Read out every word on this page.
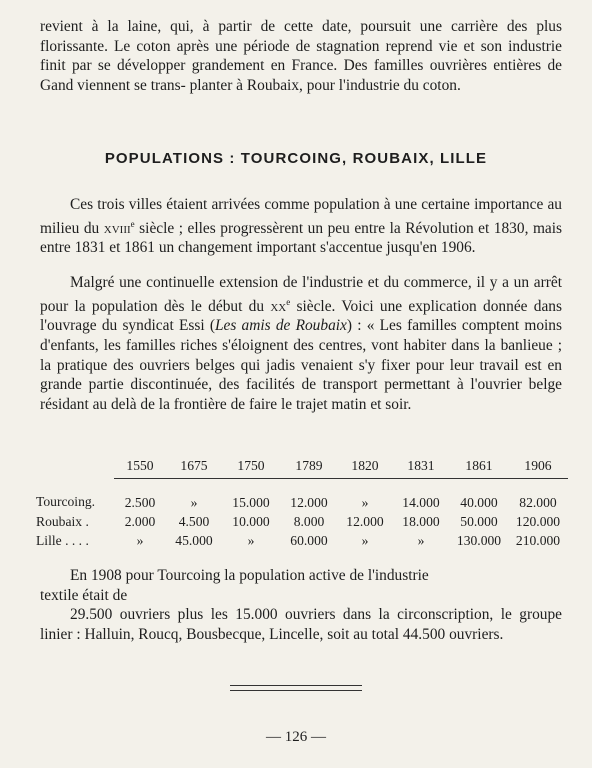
revient à la laine, qui, à partir de cette date, poursuit une carrière des plus florissante. Le coton après une période de stagnation reprend vie et son industrie finit par se développer grandement en France. Des familles ouvrières entières de Gand viennent se trans- planter à Roubaix, pour l'industrie du coton.
POPULATIONS : TOURCOING, ROUBAIX, LILLE
Ces trois villes étaient arrivées comme population à une certaine importance au milieu du xviii$^e$ siècle ; elles progressèrent un peu entre la Révolution et 1830, mais entre 1831 et 1861 un changement important s'accentue jusqu'en 1906.
Malgré une continuelle extension de l'industrie et du commerce, il y a un arrêt pour la population dès le début du $xx^e$ siècle. Voici une explication donnée dans l'ouvrage du syndicat Essi (Les amis de Roubaix) : « Les familles comptent moins d'enfants, les familles riches s'éloignent des centres, vont habiter dans la banlieue ; la pratique des ouvriers belges qui jadis venaient s'y fixer pour leur travail est en grande partie discontinuée, des facilités de transport permettant à l'ouvrier belge résidant au delà de la frontière de faire le trajet matin et soir.
	1550	1675	1750	1789	1820	1831	1861	1906
Tourcoing.	2.500	»	15.000	12.000	»	14.000	40.000	82.000
Roubaix .	2.000	4.500	10.000	8.000	12.000	18.000	50.000	120.000
Lille . . . .	»	45.000	»	60.000	»	»	130.000	210.000
En 1908 pour Tourcoing la population active de l'industrie
textile était de
29.500 ouvriers plus les 15.000 ouvriers dans la circonscription, le groupe linier : Halluin, Roucq, Bousbecque, Lincelle, soit au total 44.500 ouvriers.
— 126 —
